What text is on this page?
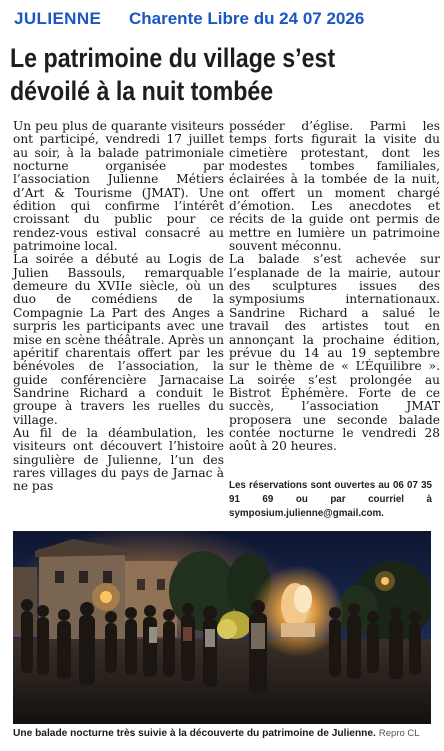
JULIENNE Charente Libre du 24 07 2026
Le patrimoine du village s’est
dévoilé à la nuit tombée

Un peu plus de quarante visiteurs ont participé, vendredi 17 juillet au soir, à la balade patrimoniale nocturne organisée par l’association Julienne Métiers d’Art & Tourisme (JMAT). Une édition qui confirme l’intérêt croissant du public pour ce rendez-vous estival consacré au patrimoine local.

La soirée a débuté au Logis de Julien Bassouls, remarquable demeure du XVIIe siècle, où un duo de comédiens de la Compagnie La Part des Anges a surpris les participants avec une mise en scène théâtrale. Après un apéritif charentais offert par les bénévoles de l’association, la guide conférencière Jarnacaise Sandrine Richard a conduit le groupe à travers les ruelles du village.

Au fil de la déambulation, les visiteurs ont découvert l’histoire singulière de Julienne, l’un des rares villages du pays de Jarnac à ne pas

posséder d’église. Parmi les temps forts figurait la visite du cimetière protestant, dont les modestes tombes familiales, éclairées à la tombée de la nuit, ont offert un moment chargé d’émotion. Les anecdotes et récits de la guide ont permis de mettre en lumière un patrimoine souvent méconnu.

La balade s’est achevée sur l’esplanade de la mairie, autour des sculptures issues des symposiums internationaux. Sandrine Richard a salué le travail des artistes tout en annonçant la prochaine édition, prévue du 14 au 19 septembre sur le thème de « L’Équilibre ». La soirée s’est prolongée au Bistrot Éphémère. Forte de ce succès, l’association JMAT proposera une seconde balade contée nocturne le vendredi 28 août à 20 heures.

Les réservations sont ouvertes au 06 07 35 91 69 ou par courriel à symposium.julienne@gmail.com.
Une balade nocturne très suivie à la découverte du patrimoine de Julienne. Repro CL
